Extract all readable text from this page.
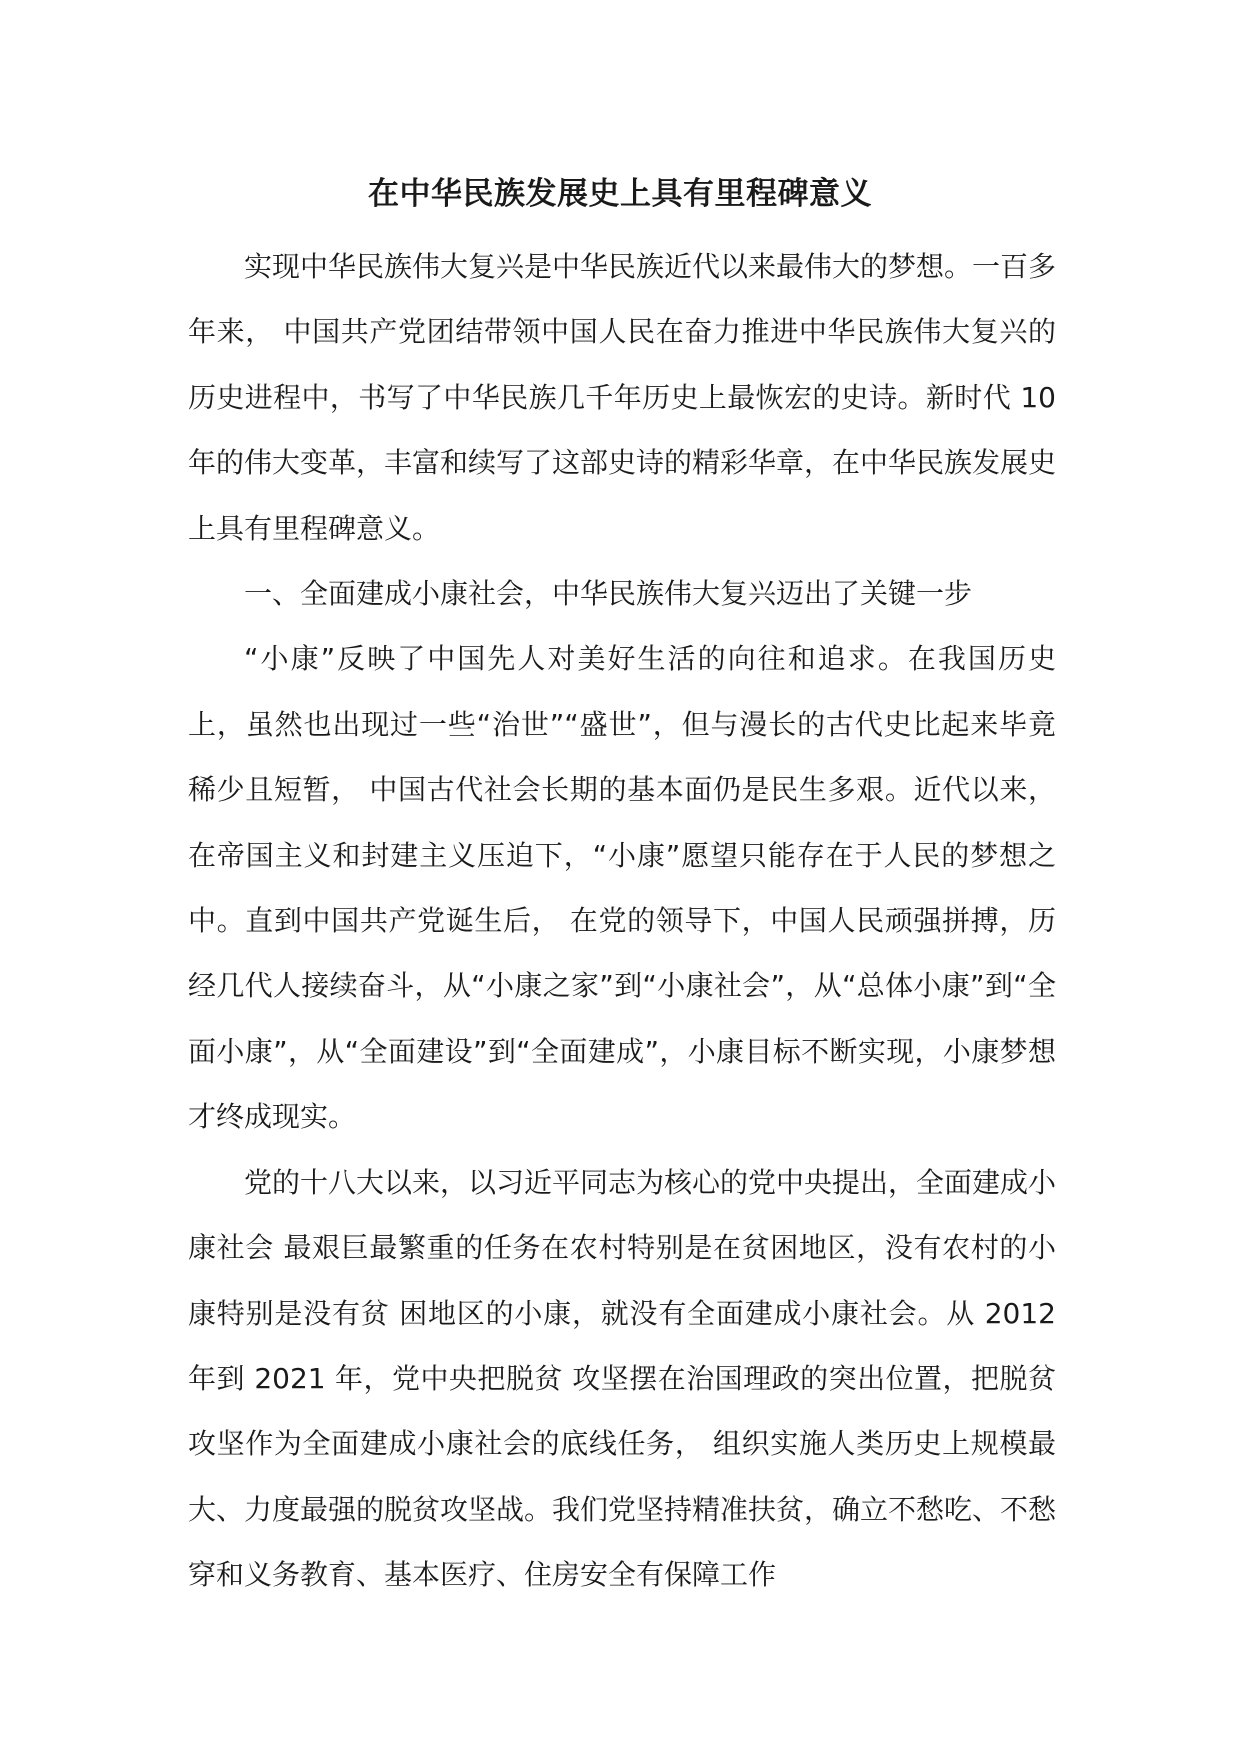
在中华民族发展史上具有里程碑意义

实现中华民族伟大复兴是中华民族近代以来最伟大的梦想。一百多年来， 中国共产党团结带领中国人民在奋力推进中华民族伟大复兴的历史进程中，书写了中华民族几千年历史上最恢宏的史诗。新时代 10 年的伟大变革，丰富和续写了这部史诗的精彩华章，在中华民族发展史上具有里程碑意义。

一、全面建成小康社会，中华民族伟大复兴迈出了关键一步

“小康”反映了中国先人对美好生活的向往和追求。在我国历史上，虽然也出现过一些“治世”“盛世”，但与漫长的古代史比起来毕竟稀少且短暂， 中国古代社会长期的基本面仍是民生多艰。近代以来，在帝国主义和封建主义压迫下，“小康”愿望只能存在于人民的梦想之中。直到中国共产党诞生后， 在党的领导下，中国人民顽强拼搏，历经几代人接续奋斗，从“小康之家”到“小康社会”，从“总体小康”到“全面小康”，从“全面建设”到“全面建成”，小康目标不断实现，小康梦想才终成现实。

党的十八大以来，以习近平同志为核心的党中央提出，全面建成小康社会 最艰巨最繁重的任务在农村特别是在贫困地区，没有农村的小康特别是没有贫 困地区的小康，就没有全面建成小康社会。从 2012 年到 2021 年，党中央把脱贫 攻坚摆在治国理政的突出位置，把脱贫攻坚作为全面建成小康社会的底线任务， 组织实施人类历史上规模最大、力度最强的脱贫攻坚战。我们党坚持精准扶贫，确立不愁吃、不愁穿和义务教育、基本医疗、住房安全有保障工作
